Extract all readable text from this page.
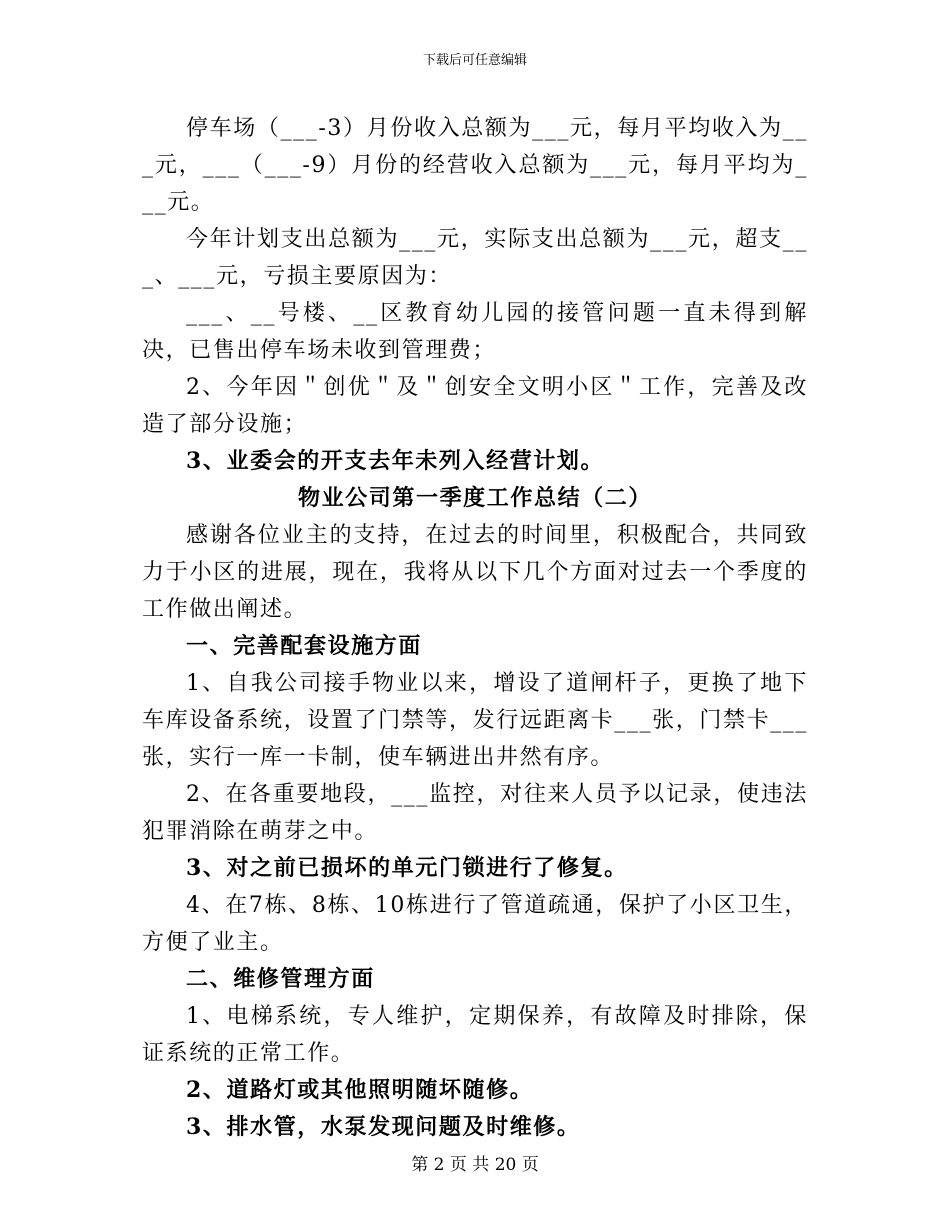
下载后可任意编辑

停车场（___-3）月份收入总额为___元，每月平均收入为___元，___（___-9）月份的经营收入总额为___元，每月平均为___元。

今年计划支出总额为___元，实际支出总额为___元，超支___、___元，亏损主要原因为：

___、__号楼、__区教育幼儿园的接管问题一直未得到解决，已售出停车场未收到管理费；

2、今年因＂创优＂及＂创安全文明小区＂工作，完善及改造了部分设施；

3、业委会的开支去年未列入经营计划。

物业公司第一季度工作总结（二）

感谢各位业主的支持，在过去的时间里，积极配合，共同致力于小区的进展，现在，我将从以下几个方面对过去一个季度的工作做出阐述。

一、完善配套设施方面

1、自我公司接手物业以来，增设了道闸杆子，更换了地下车库设备系统，设置了门禁等，发行远距离卡___张，门禁卡___张，实行一库一卡制，使车辆进出井然有序。

2、在各重要地段，___监控，对往来人员予以记录，使违法犯罪消除在萌芽之中。

3、对之前已损坏的单元门锁进行了修复。

4、在7栋、8栋、10栋进行了管道疏通，保护了小区卫生，方便了业主。

二、维修管理方面

1、电梯系统，专人维护，定期保养，有故障及时排除，保证系统的正常工作。

2、道路灯或其他照明随坏随修。

3、排水管，水泵发现问题及时维修。

第 2 页 共 20 页
